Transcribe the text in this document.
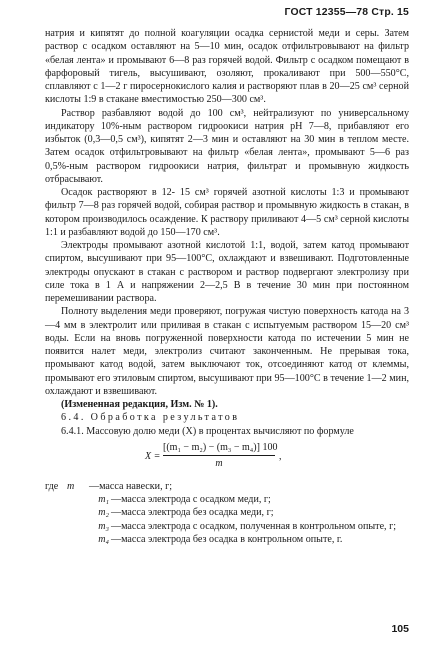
ГОСТ 12355—78 Стр. 15

натрия и кипятят до полной коагуляции осадка сернистой меди и серы. Затем раствор с осадком оставляют на 5—10 мин, осадок отфильтровывают на фильтр «белая лента» и промывают 6—8 раз горячей водой. Фильтр с осадком помещают в фарфоровый тигель, высушивают, озоляют, прокаливают при 500—550°С, сплавляют с 1—2 г пиросернокислого калия и растворяют плав в 20—25 см³ серной кислоты 1:9 в стакане вместимостью 250—300 см³.

Раствор разбавляют водой до 100 см³, нейтрализуют по универсальному индикатору 10%-ным раствором гидроокиси натрия рН 7—8, прибавляют его избыток (0,3—0,5 см³), кипятят 2—3 мин и оставляют на 30 мин в теплом месте. Затем осадок отфильтровывают на фильтр «белая лента», промывают 5—6 раз 0,5%-ным раствором гидроокиси натрия, фильтрат и промывную жидкость отбрасывают.

Осадок растворяют в 12- 15 см³ горячей азотной кислоты 1:3 и промывают фильтр 7—8 раз горячей водой, собирая раствор и промывную жидкость в стакан, в котором производилось осаждение. К раствору приливают 4—5 см³ серной кислоты 1:1 и разбавляют водой до 150—170 см³.

Электроды промывают азотной кислотой 1:1, водой, затем катод промывают спиртом, высушивают при 95—100°С, охлаждают и взвешивают. Подготовленные электроды опускают в стакан с раствором и раствор подвергают электролизу при силе тока в 1 А и напряжении 2—2,5 В в течение 30 мин при постоянном перемешивании раствора.

Полноту выделения меди проверяют, погружая чистую поверхность катода на 3—4 мм в электролит или приливая в стакан с испытуемым раствором 15—20 см³ воды. Если на вновь погруженной поверхности катода по истечении 5 мин не появится налет меди, электролиз считают законченным. Не прерывая тока, промывают катод водой, затем выключают ток, отсоединяют катод от клеммы, промывают его этиловым спиртом, высушивают при 95—100°С в течение 1—2 мин, охлаждают и взвешивают.

(Измененная редакция, Изм. № 1).

6.4. Обработка результатов

6.4.1. Массовую долю меди (X) в процентах вычисляют по формуле

$X = \frac{\text{[(m₁ − m₂) − (m₃ − m₄)] 100}}{m}$ ,
где m	—масса навески, г;
m₁ —масса электрода с осадком меди, г;
m₂ —масса электрода без осадка меди, г;
m₃ —масса электрода с осадком, полученная в контрольном опыте, г;
m₄ —масса электрода без осадка в контрольном опыте, г.
105
